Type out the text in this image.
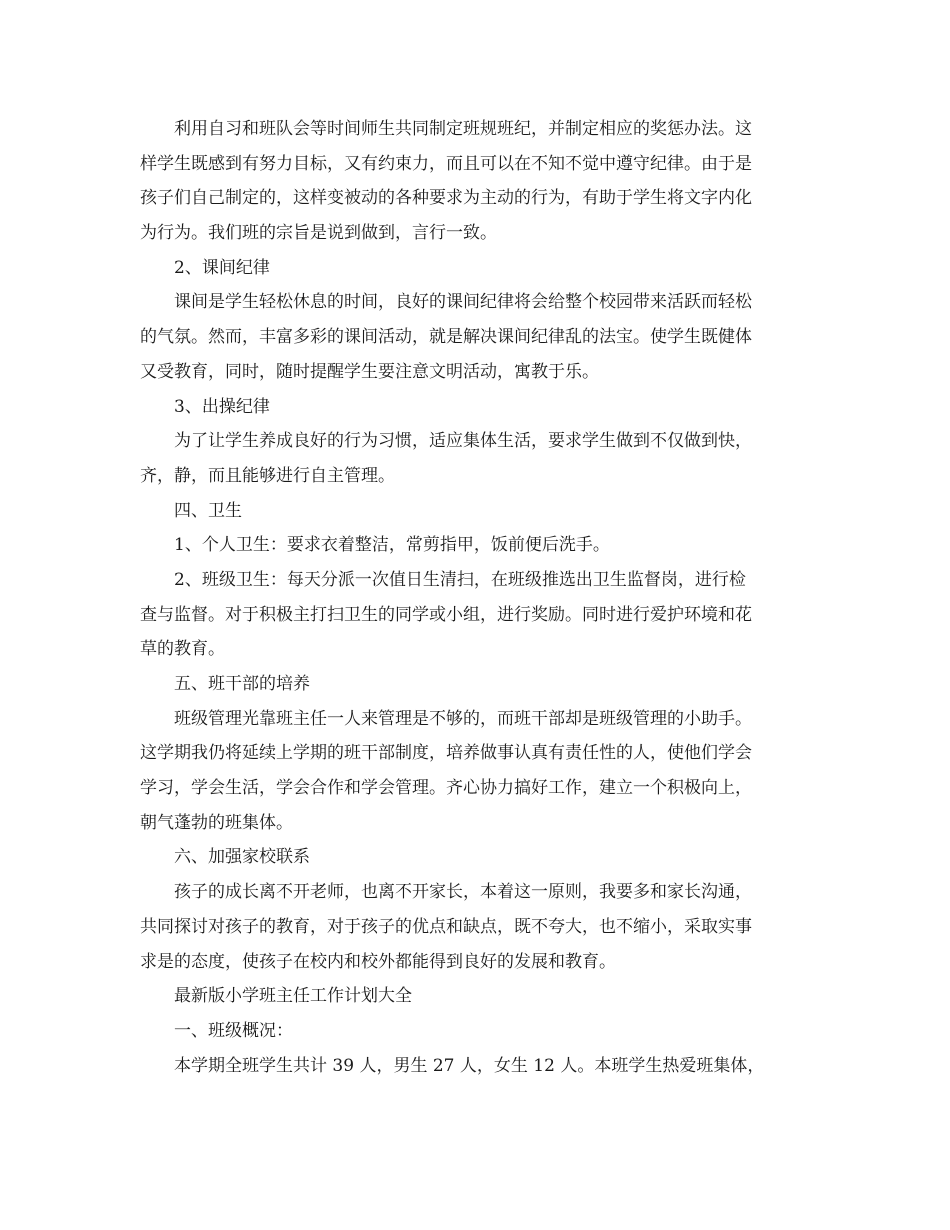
利用自习和班队会等时间师生共同制定班规班纪，并制定相应的奖惩办法。这
样学生既感到有努力目标，又有约束力，而且可以在不知不觉中遵守纪律。由于是
孩子们自己制定的，这样变被动的各种要求为主动的行为，有助于学生将文字内化
为行为。我们班的宗旨是说到做到，言行一致。
2、课间纪律
课间是学生轻松休息的时间，良好的课间纪律将会给整个校园带来活跃而轻松
的气氛。然而，丰富多彩的课间活动，就是解决课间纪律乱的法宝。使学生既健体
又受教育，同时，随时提醒学生要注意文明活动，寓教于乐。
3、出操纪律
为了让学生养成良好的行为习惯，适应集体生活，要求学生做到不仅做到快，
齐，静，而且能够进行自主管理。
四、卫生
1、个人卫生：要求衣着整洁，常剪指甲，饭前便后洗手。
2、班级卫生：每天分派一次值日生清扫，在班级推选出卫生监督岗，进行检
查与监督。对于积极主打扫卫生的同学或小组，进行奖励。同时进行爱护环境和花
草的教育。
五、班干部的培养
班级管理光靠班主任一人来管理是不够的，而班干部却是班级管理的小助手。
这学期我仍将延续上学期的班干部制度，培养做事认真有责任性的人，使他们学会
学习，学会生活，学会合作和学会管理。齐心协力搞好工作，建立一个积极向上，
朝气蓬勃的班集体。
六、加强家校联系
孩子的成长离不开老师，也离不开家长，本着这一原则，我要多和家长沟通，
共同探讨对孩子的教育，对于孩子的优点和缺点，既不夸大，也不缩小，采取实事
求是的态度，使孩子在校内和校外都能得到良好的发展和教育。
最新版小学班主任工作计划大全
一、班级概况：
本学期全班学生共计 39 人，男生 27 人，女生 12 人。本班学生热爱班集体，
